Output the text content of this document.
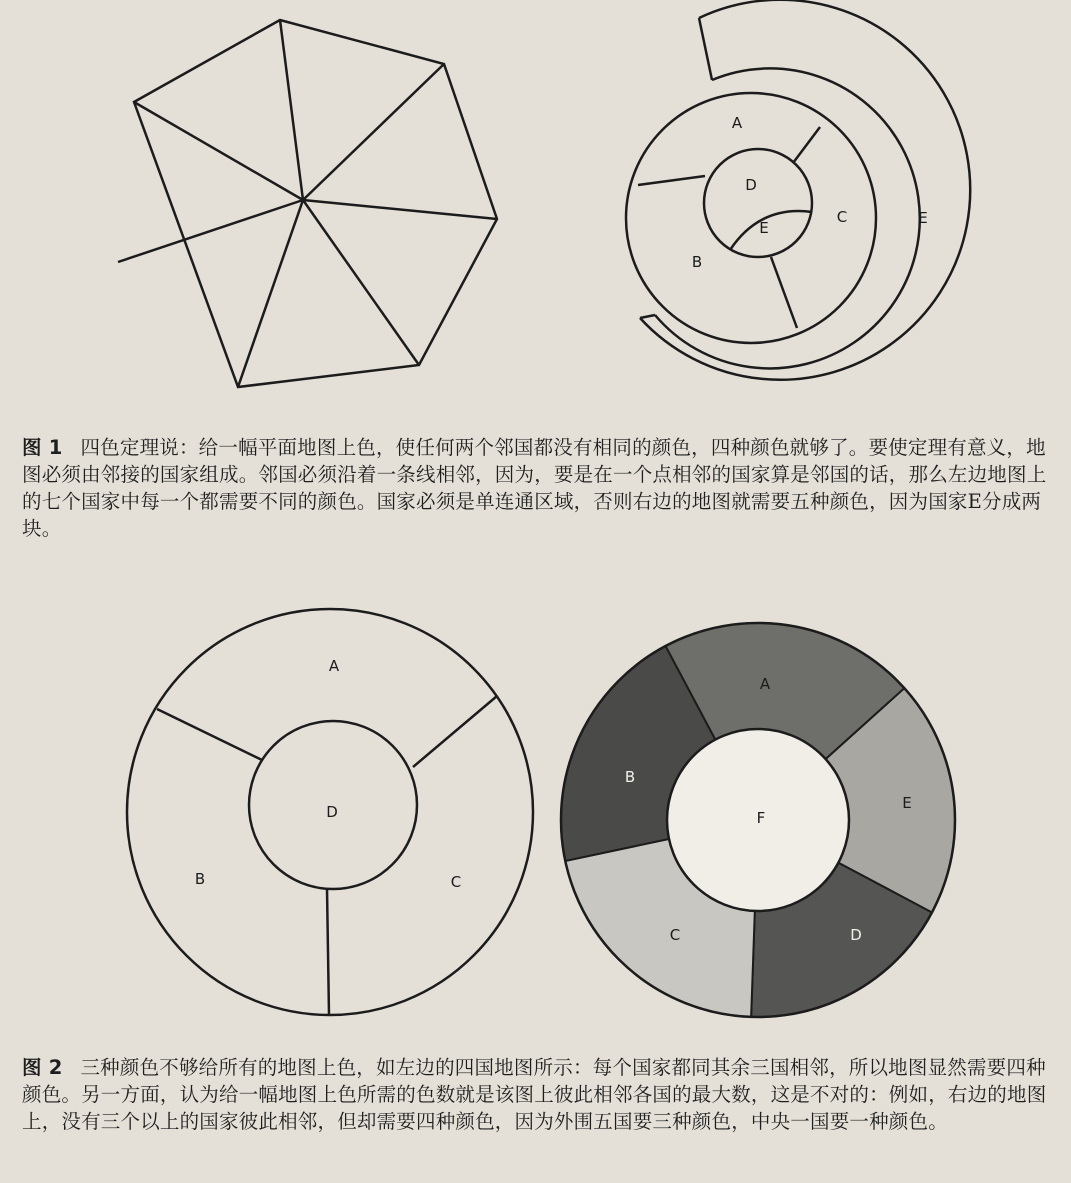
A
B
C
D
E
E
图 1 四色定理说：给一幅平面地图上色，使任何两个邻国都没有相同的颜色，四种颜色就够了。要使定理有意义，地图必须由邻接的国家组成。邻国必须沿着一条线相邻，因为，要是在一个点相邻的国家算是邻国的话，那么左边地图上的七个国家中每一个都需要不同的颜色。国家必须是单连通区域，否则右边的地图就需要五种颜色，因为国家E分成两块。
A
B	C
D
A
B
C	D
E
F
图 2 三种颜色不够给所有的地图上色，如左边的四国地图所示：每个国家都同其余三国相邻，所以地图显然需要四种颜色。另一方面，认为给一幅地图上色所需的色数就是该图上彼此相邻各国的最大数，这是不对的：例如，右边的地图上，没有三个以上的国家彼此相邻，但却需要四种颜色，因为外围五国要三种颜色，中央一国要一种颜色。
